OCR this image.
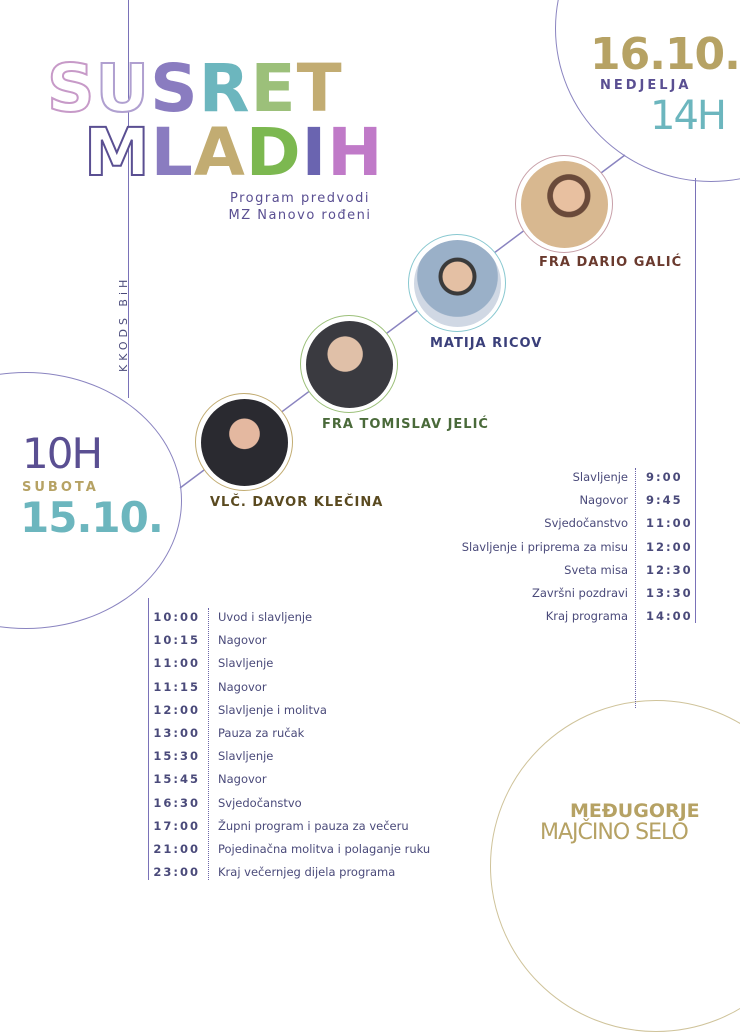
SUSRET
MLADIH
Program predvodi
MZ Nanovo rođeni
KKODS BiH
16.10.
NEDJELJA
14H
10H
SUBOTA
15.10.
FRA DARIO GALIĆ
MATIJA RICOV
FRA TOMISLAV JELIĆ
VLČ. DAVOR KLEČINA
Slavljenje 9:00
Nagovor 9:45
Svjedočanstvo 11:00
Slavljenje i priprema za misu 12:00
Sveta misa 12:30
Završni pozdravi 13:30
Kraj programa 14:00
10:00 Uvod i slavljenje
10:15 Nagovor
11:00 Slavljenje
11:15 Nagovor
12:00 Slavljenje i molitva
13:00 Pauza za ručak
15:30 Slavljenje
15:45 Nagovor
16:30 Svjedočanstvo
17:00 Župni program i pauza za večeru
21:00 Pojedinačna molitva i polaganje ruku
23:00 Kraj večernjeg dijela programa
MEĐUGORJE
MAJČINO SELO
